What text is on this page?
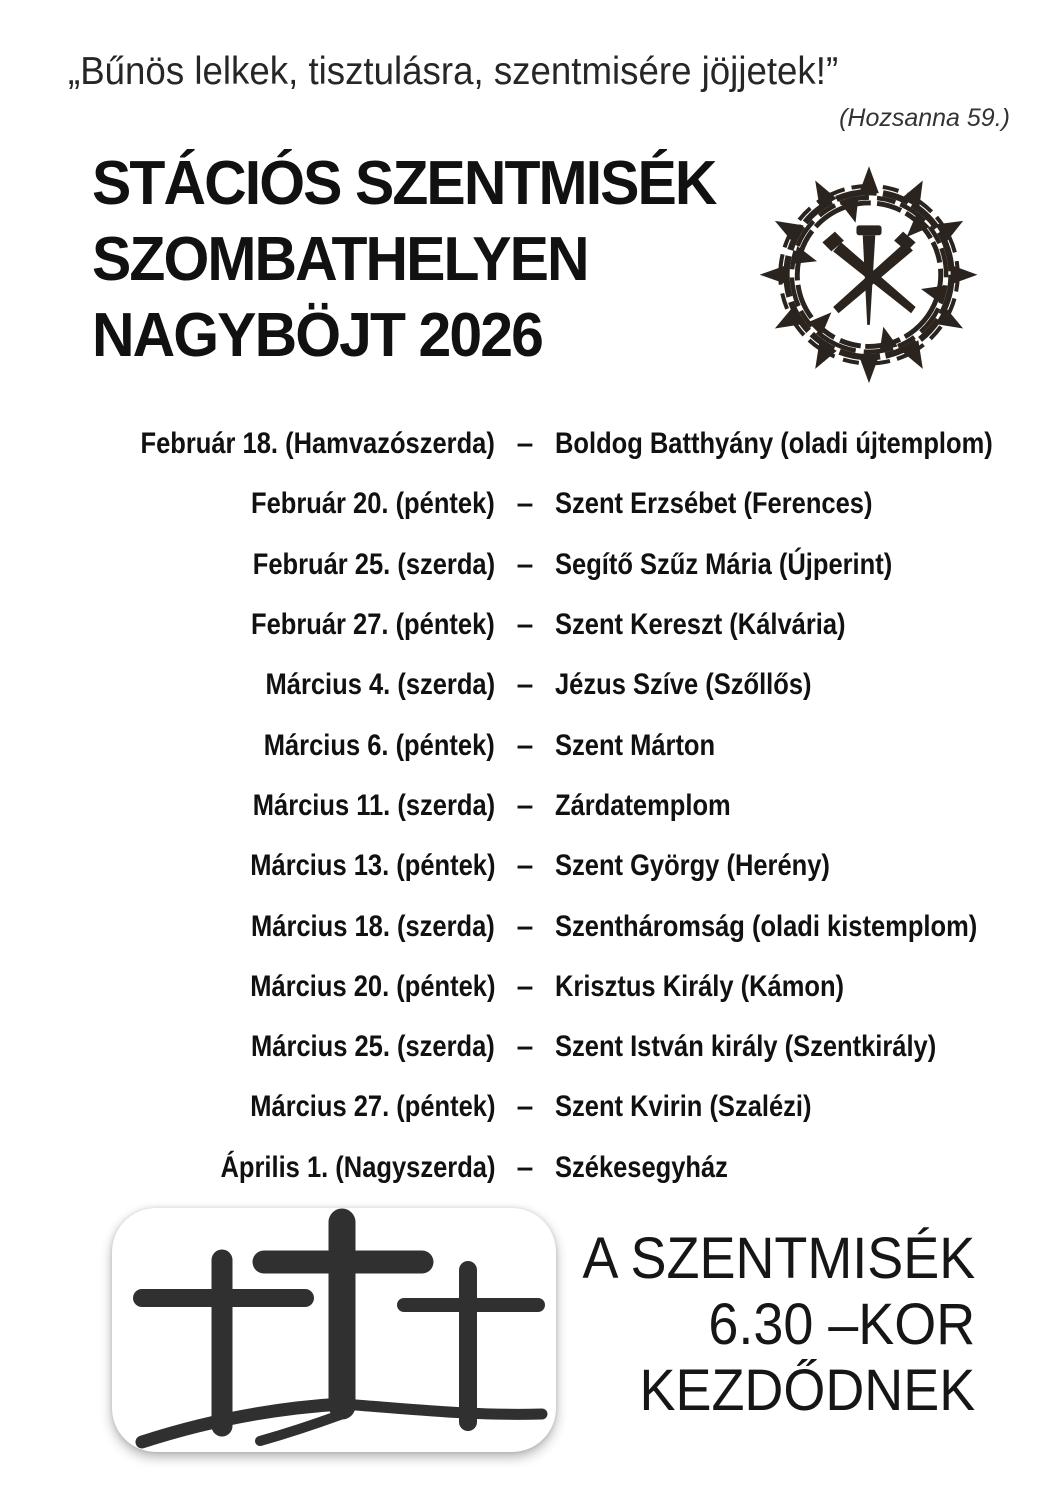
„Bűnös lelkek, tisztulásra, szentmisére jöjjetek!”
(Hozsanna 59.)
STÁCIÓS SZENTMISÉK
SZOMBATHELYEN
NAGYBÖJT 2026
Február 18. (Hamvazószerda) – Boldog Batthyány (oladi újtemplom)
Február 20. (péntek) – Szent Erzsébet (Ferences)
Február 25. (szerda) – Segítő Szűz Mária (Újperint)
Február 27. (péntek) – Szent Kereszt (Kálvária)
Március 4. (szerda) – Jézus Szíve (Szőllős)
Március 6. (péntek) – Szent Márton
Március 11. (szerda) – Zárdatemplom
Március 13. (péntek) – Szent György (Herény)
Március 18. (szerda) – Szentháromság (oladi kistemplom)
Március 20. (péntek) – Krisztus Király (Kámon)
Március 25. (szerda) – Szent István király (Szentkirály)
Március 27. (péntek) – Szent Kvirin (Szalézi)
Április 1. (Nagyszerda) – Székesegyház
A SZENTMISÉK
6.30 –KOR
KEZDŐDNEK
